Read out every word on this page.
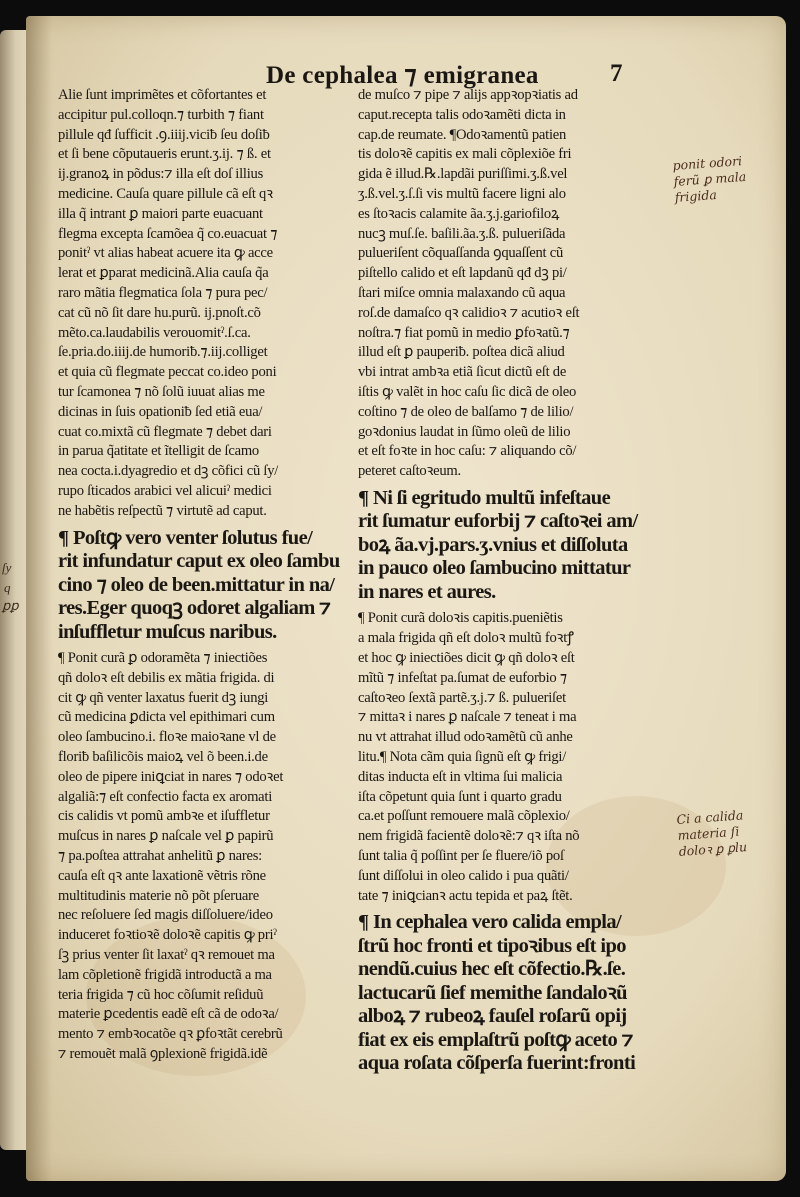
De cephalea ⁊ emigranea	7
Alie ſunt imprimẽtes et cõfortantes et
accipitur pul.colloqn.⁊ turbith ⁊ fiant
pillule qđ ſufficit .ꝯ.iiij.viciƀ ſeu doſiƀ
et ſi bene cõputaueris erunt.ʒ.ij. ⁊ ß. et
ij.granoꝝ in põdus:⁊ illa eſt doſ illius
medicine. Cauſa quare pillule cã eſt qꝛ
illa q̃ intrant ꝑ maiori parte euacuant
flegma excepta ſcamõea q̃ co.euacuat ⁊
ponitˀ vt alias habeat acuere ita ꝙ acce
lerat et ꝑparat medicinã.Alia cauſa q̃a
raro mãtia flegmatica ſola ⁊ pura pec/
cat cũ nõ ſit dare hu.purũ. ij.pnoſt.cõ
mẽto.ca.laudabilis verouomitˀ.ſ.ca.
ſe.pria.do.iiij.de humoriƀ.⁊.iij.colliget
et quia cũ flegmate peccat co.ideo poni
tur ſcamonea ⁊ nõ ſolũ iuuat alias me
dicinas in ſuis opationiƀ ſed etiã eua/
cuat co.mixtã cũ flegmate ⁊ debet dari
in parua q̃atitate et ĩtelligit de ſcamo
nea cocta.i.dyagredio et dꝫ cõfici cũ ſy/
rupo ſticados arabici vel alicuiˀ medici
ne habẽtis reſpectũ ⁊ virtutẽ ad caput.
¶ Poſtꝙ vero venter ſolutus fue/
rit infundatur caput ex oleo ſambu
cino ⁊ oleo de been.mittatur in na/
res.Eger quoqꝫ odoret algaliam ⁊
inſuffletur muſcus naribus.
¶ Ponit curã ꝑ odoramẽta ⁊ iniectiões
qñ doloꝛ eſt debilis ex mãtia frigida. di
cit ꝙ qñ venter laxatus fuerit dꝫ iungi
cũ medicina ꝑdicta vel epithimari cum
oleo ſambucino.i. floꝛe maioꝛane vl de
floriƀ baſilicõis maioꝝ vel õ been.i.de
oleo de pipere iniꝗciat in nares ⁊ odoꝛet
algaliã:⁊ eſt confectio facta ex aromati
cis calidis vt pomũ ambꝛe et iſuffletur
muſcus in nares ꝑ naſcale vel ꝑ papirũ
⁊ pa.poſtea attrahat anhelitũ ꝑ nares:
cauſa eſt qꝛ ante laxationẽ vẽtris rõne
multitudinis materie nõ põt pſeruare
nec reſoluere ſed magis diſſoluere/ideo
induceret foꝛtioꝛẽ doloꝛẽ capitis ꝙ priˀ
ſꝫ prius venter ſit laxatˀ qꝛ remouet ma
lam cõpletionẽ frigidã introductã a ma
teria frigida ⁊ cũ hoc cõſumit reſiduũ
materie ꝑcedentis eadẽ eſt cã de odoꝛa/
mento ⁊ embꝛocatõe qꝛ ꝑfoꝛtãt cerebrũ
⁊ remouẽt malã ꝯplexionẽ frigidã.idẽ
de muſco ⁊ pipe ⁊ alijs appꝛopꝛiatis ad
caput.recepta talis odoꝛamẽti dicta in
cap.de reumate. ¶Odoꝛamentũ patien
tis doloꝛẽ capitis ex mali cõplexiõe fri
gida ẽ illud.℞.lapdãi puriſſimi.ʒ.ß.vel
ʒ.ß.vel.ʒ.ſ.ſi vis multũ facere ligni alo
es ſtoꝛacis calamite ãa.ʒ.j.gariofiloꝝ
nucꝫ muſ.ſe. baſili.ãa.ʒ.ß. pulueriſãda
pulueriſent cõquaſſanda ꝯquaſſent cũ
piſtello calido et eſt lapdanũ qđ dꝫ pi/
ſtari miſce omnia malaxando cũ aqua
roſ.de damaſco qꝛ calidioꝛ ⁊ acutioꝛ eſt
noſtra.⁊ fiat pomũ in medio ꝑfoꝛatũ.⁊
illud eſt ꝑ pauperiƀ. poſtea dicã aliud
vbi intrat ambꝛa etiã ſicut dictũ eſt de
iſtis ꝙ valẽt in hoc caſu ſic dicã de oleo
coſtino ⁊ de oleo de balſamo ⁊ de lilio/
goꝛdonius laudat in ſũmo oleũ de lilio
et eſt foꝛte in hoc caſu: ⁊ aliquando cõ/
peteret caſtoꝛeum.
¶ Ni ſi egritudo multũ infeſtaue
rit ſumatur euforbij ⁊ caſtoꝛei am/
boꝝ ãa.vj.pars.ʒ.vnius et diſſoluta
in pauco oleo ſambucino mittatur
in nares et aures.
¶ Ponit curã doloꝛis capitis.pueniẽtis
a mala frigida qñ eſt doloꝛ multũ foꝛtꝭ
et hoc ꝙ iniectiões dicit ꝙ qñ doloꝛ eſt
mĩtũ ⁊ infeſtat pa.ſumat de euforbio ⁊
caſtoꝛeo ſextã partẽ.ʒ.j.⁊ ß. pulueriſet
⁊ mittaꝛ i nares ꝑ naſcale ⁊ teneat i ma
nu vt attrahat illud odoꝛamẽtũ cũ anhe
litu.¶ Nota cãm quia ſignũ eſt ꝙ frigi/
ditas inducta eſt in vltima ſui malicia
iſta cõpetunt quia ſunt i quarto gradu
ca.et poſſunt remouere malã cõplexio/
nem frigidã facientẽ doloꝛẽ:⁊ qꝛ iſta nõ
ſunt talia q̃ poſſint per ſe fluere/iõ poſ
ſunt diſſolui in oleo calido i pua quãti/
tate ⁊ iniꝗcianꝛ actu tepida et paꝝ ſtẽt.
¶ In cephalea vero calida empla/
ſtrũ hoc fronti et tipoꝛibus eſt ipo
nendũ.cuius hec eſt cõfectio.℞.ſe.
lactucarũ ſief memithe ſandaloꝛũ
alboꝝ ⁊ rubeoꝝ fauſel roſarũ opij
fiat ex eis emplaſtrũ poſtꝙ aceto ⁊
aqua roſata cõſperſa fuerint:fronti
ponit odori
ferũ ꝑ mala
frigida
Ci a calida
materia ſi
doloꝛ ꝑ ꝑlu
ſy
q
ꝑꝑ
